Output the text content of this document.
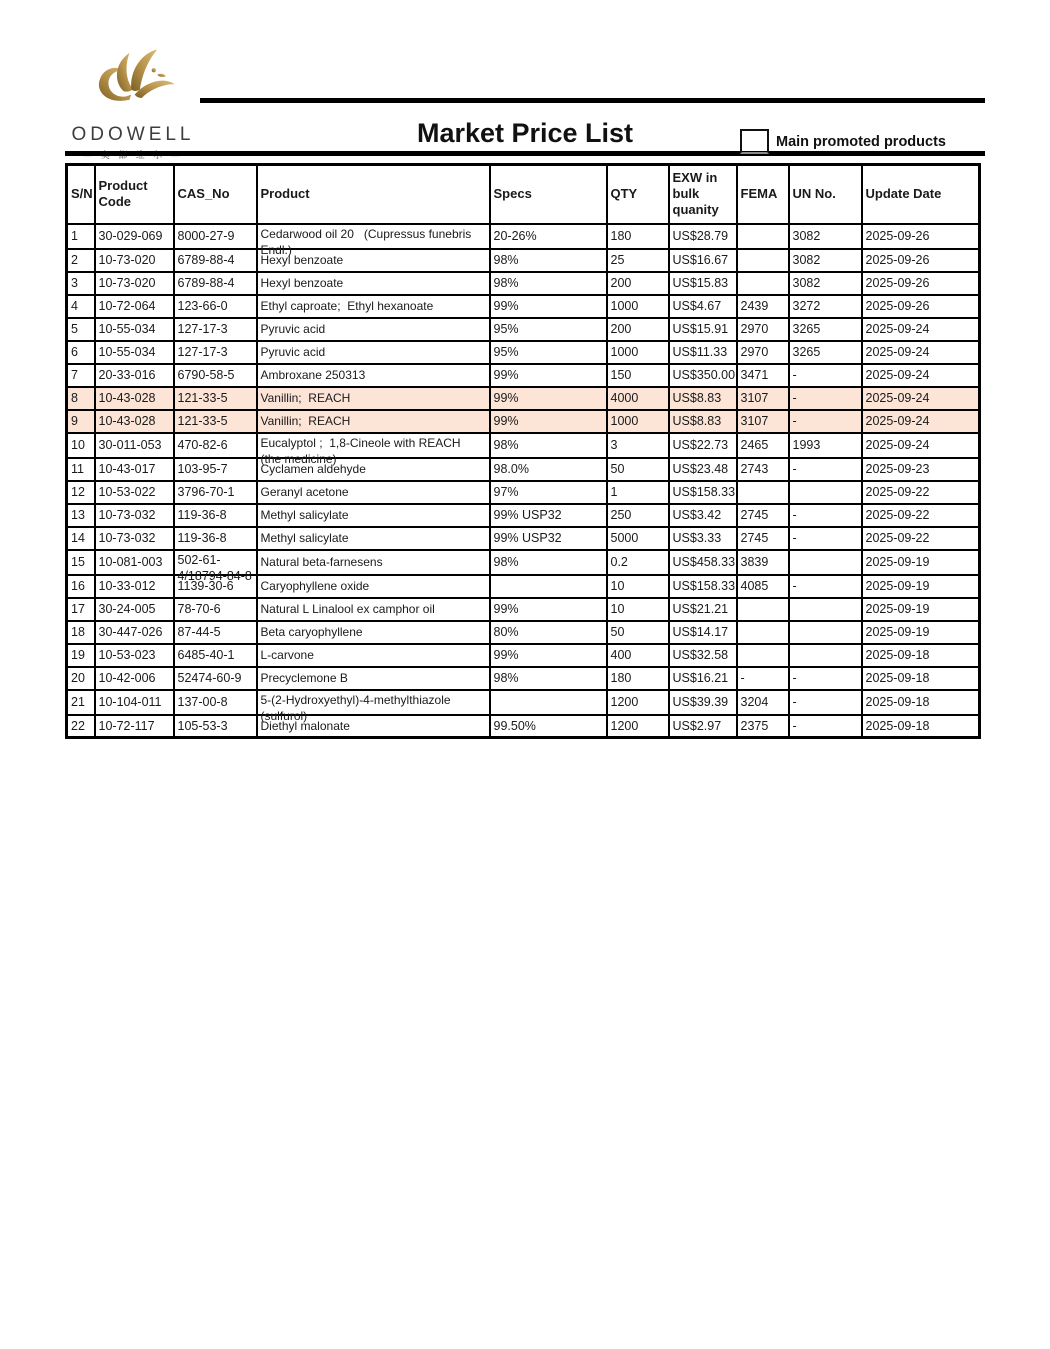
ODOWELL	Market Price List	Main promoted products
S/N	Product Code	CAS_No	Product	Specs	QTY	EXW in bulk quanity	FEMA	UN No.	Update Date
1	30-029-069	8000-27-9	Cedarwood oil 20   (Cupressus funebris
Endl.)	20-26%	180	US$28.79		3082	2025-09-26
2	10-73-020	6789-88-4	Hexyl benzoate	98%	25	US$16.67		3082	2025-09-26
3	10-73-020	6789-88-4	Hexyl benzoate	98%	200	US$15.83		3082	2025-09-26
4	10-72-064	123-66-0	Ethyl caproate;  Ethyl hexanoate	99%	1000	US$4.67	2439	3272	2025-09-26
5	10-55-034	127-17-3	Pyruvic acid	95%	200	US$15.91	2970	3265	2025-09-24
6	10-55-034	127-17-3	Pyruvic acid	95%	1000	US$11.33	2970	3265	2025-09-24
7	20-33-016	6790-58-5	Ambroxane 250313	99%	150	US$350.00	3471	-	2025-09-24
8	10-43-028	121-33-5	Vanillin;  REACH	99%	4000	US$8.83	3107	-	2025-09-24
9	10-43-028	121-33-5	Vanillin;  REACH	99%	1000	US$8.83	3107	-	2025-09-24
10	30-011-053	470-82-6	Eucalyptol ;  1,8-Cineole with REACH
(the medicine)	98%	3	US$22.73	2465	1993	2025-09-24
11	10-43-017	103-95-7	Cyclamen aldehyde	98.0%	50	US$23.48	2743	-	2025-09-23
12	10-53-022	3796-70-1	Geranyl acetone	97%	1	US$158.33			2025-09-22
13	10-73-032	119-36-8	Methyl salicylate	99% USP32	250	US$3.42	2745	-	2025-09-22
14	10-73-032	119-36-8	Methyl salicylate	99% USP32	5000	US$3.33	2745	-	2025-09-22
15	10-081-003	502-61-
4/18794-84-8	Natural beta-farnesens	98%	0.2	US$458.33	3839		2025-09-19
16	10-33-012	1139-30-6	Caryophyllene oxide		10	US$158.33	4085	-	2025-09-19
17	30-24-005	78-70-6	Natural L Linalool ex camphor oil	99%	10	US$21.21			2025-09-19
18	30-447-026	87-44-5	Beta caryophyllene	80%	50	US$14.17			2025-09-19
19	10-53-023	6485-40-1	L-carvone	99%	400	US$32.58			2025-09-18
20	10-42-006	52474-60-9	Precyclemone B	98%	180	US$16.21	-	-	2025-09-18
21	10-104-011	137-00-8	5-(2-Hydroxyethyl)-4-methylthiazole
(sulfurol)		1200	US$39.39	3204	-	2025-09-18
22	10-72-117	105-53-3	Diethyl malonate	99.50%	1200	US$2.97	2375	-	2025-09-18
